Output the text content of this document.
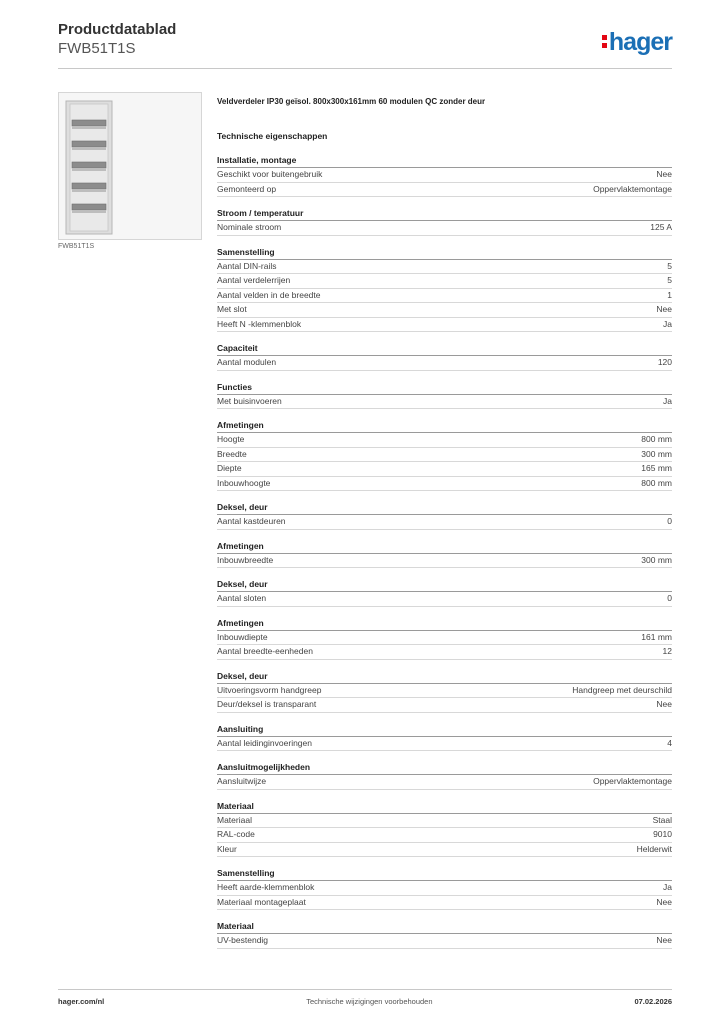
Productdatablad
FWB51T1S	hager
FWB51T1S
Veldverdeler IP30 geïsol. 800x300x161mm 60 modulen QC zonder deur
Technische eigenschappen
Installatie, montage
Geschikt voor buitengebruik	Nee
Gemonteerd op	Oppervlaktemontage
Stroom / temperatuur
Nominale stroom	125 A
Samenstelling
Aantal DIN-rails	5
Aantal verdelerrijen	5
Aantal velden in de breedte	1
Met slot	Nee
Heeft N -klemmenblok	Ja
Capaciteit
Aantal modulen	120
Functies
Met buisinvoeren	Ja
Afmetingen
Hoogte	800 mm
Breedte	300 mm
Diepte	165 mm
Inbouwhoogte	800 mm
Deksel, deur
Aantal kastdeuren	0
Afmetingen
Inbouwbreedte	300 mm
Deksel, deur
Aantal sloten	0
Afmetingen
Inbouwdiepte	161 mm
Aantal breedte-eenheden	12
Deksel, deur
Uitvoeringsvorm handgreep	Handgreep met deurschild
Deur/deksel is transparant	Nee
Aansluiting
Aantal leidinginvoeringen	4
Aansluitmogelijkheden
Aansluitwijze	Oppervlaktemontage
Materiaal
Materiaal	Staal
RAL-code	9010
Kleur	Helderwit
Samenstelling
Heeft aarde-klemmenblok	Ja
Materiaal montageplaat	Nee
Materiaal
UV-bestendig	Nee
hager.com/nl	Technische wijzigingen voorbehouden	07.02.2026
